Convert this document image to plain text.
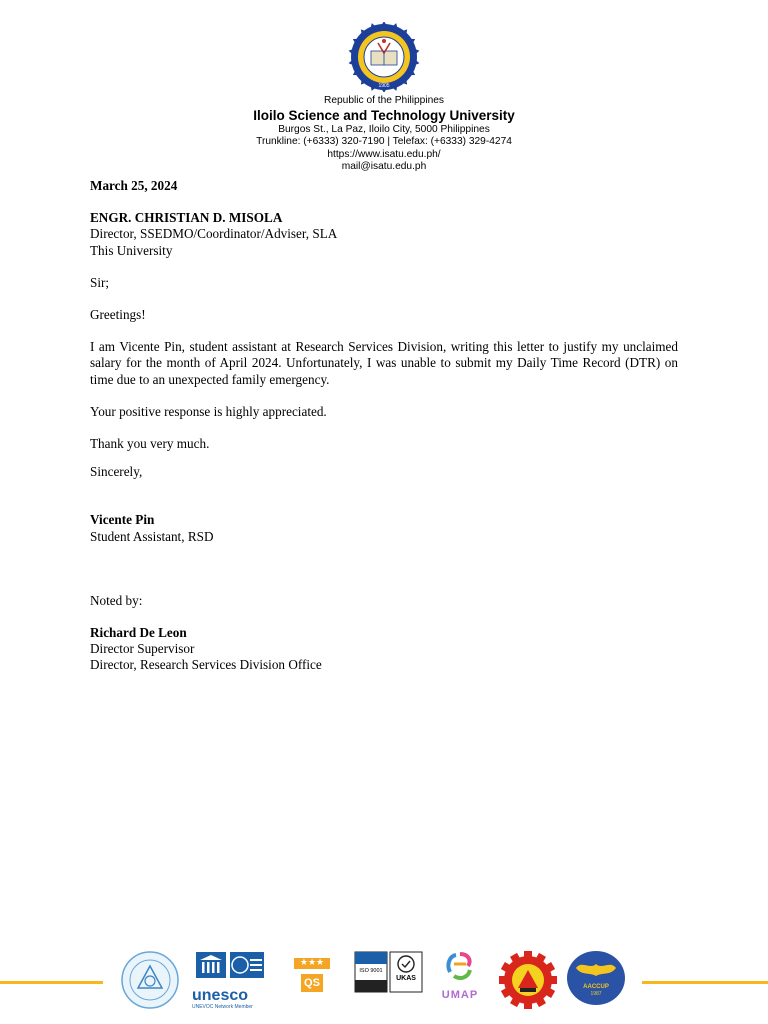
1905
Republic of the Philippines
Iloilo Science and Technology University
Burgos St., La Paz, Iloilo City, 5000 Philippines
Trunkline: (+6333) 320-7190 | Telefax: (+6333) 329-4274
https://www.isatu.edu.ph/
mail@isatu.edu.ph

March 25, 2024

ENGR. CHRISTIAN D. MISOLA

Director, SSEDMO/Coordinator/Adviser, SLA

This University

Sir;

Greetings!

I am Vicente Pin, student assistant at Research Services Division, writing this letter to justify my unclaimed salary for the month of April 2024. Unfortunately, I was unable to submit my Daily Time Record (DTR) on time due to an unexpected family emergency.

Your positive response is highly appreciated.

Thank you very much.

Sincerely,

Vicente Pin

Student Assistant, RSD

Noted by:

Richard De Leon

Director Supervisor

Director, Research Services Division Office

unesco
UNEVOC Network Member
★★★
QS
ISO 9001
UKAS
UMAP
AACCUP
1987
